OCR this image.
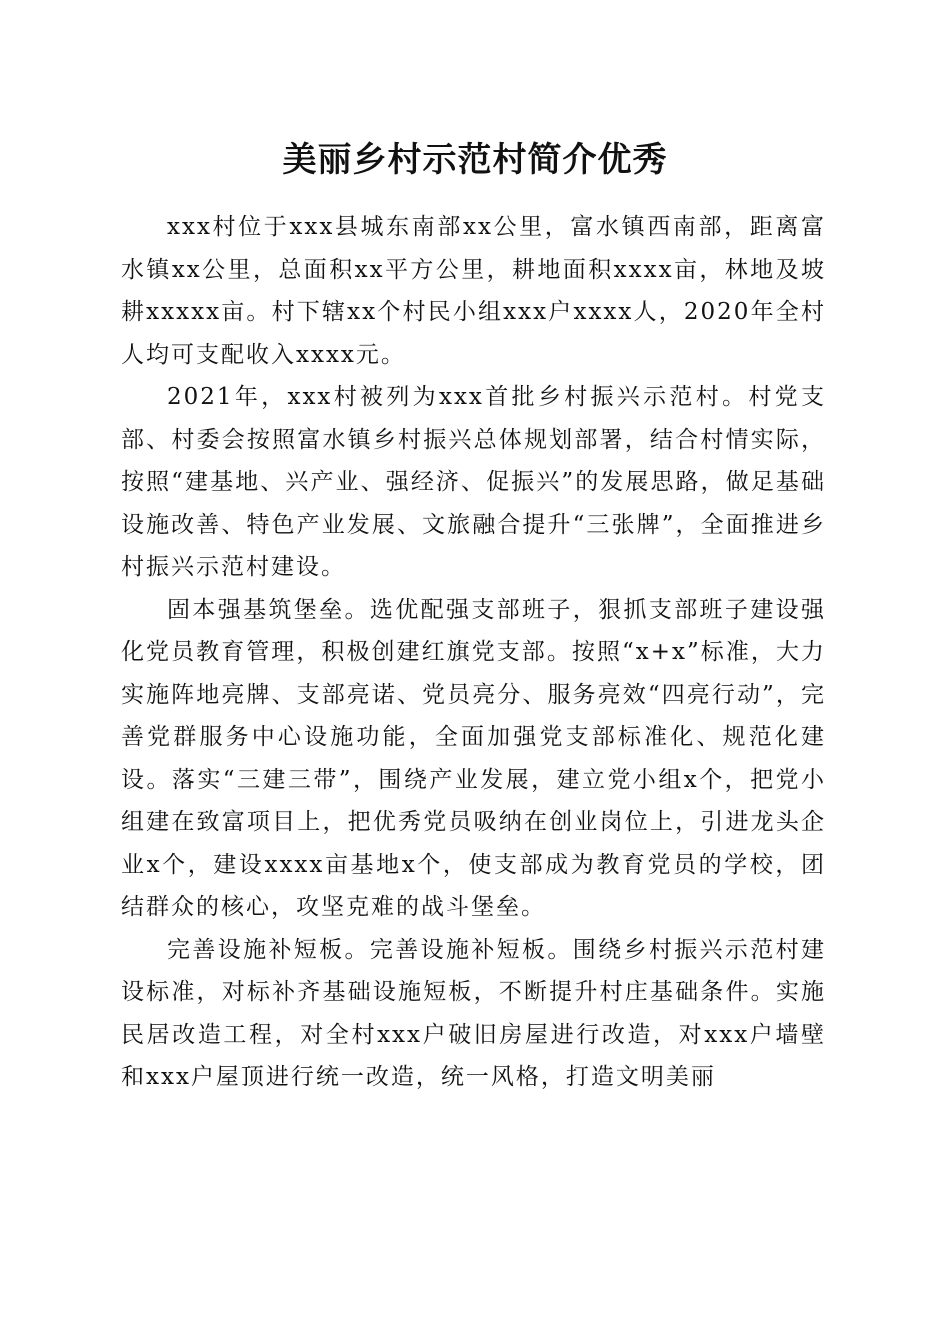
美丽乡村示范村简介优秀

xxx村位于xxx县城东南部xx公里，富水镇西南部，距离富水镇xx公里，总面积xx平方公里，耕地面积xxxx亩，林地及坡耕xxxxx亩。村下辖xx个村民小组xxx户xxxx人，2020年全村人均可支配收入xxxx元。

2021年，xxx村被列为xxx首批乡村振兴示范村。村党支部、村委会按照富水镇乡村振兴总体规划部署，结合村情实际，按照“建基地、兴产业、强经济、促振兴”的发展思路，做足基础设施改善、特色产业发展、文旅融合提升“三张牌”，全面推进乡村振兴示范村建设。

固本强基筑堡垒。选优配强支部班子，狠抓支部班子建设强化党员教育管理，积极创建红旗党支部。按照“x+x”标准，大力实施阵地亮牌、支部亮诺、党员亮分、服务亮效“四亮行动”，完善党群服务中心设施功能，全面加强党支部标准化、规范化建设。落实“三建三带”，围绕产业发展，建立党小组x个，把党小组建在致富项目上，把优秀党员吸纳在创业岗位上，引进龙头企业x个，建设xxxx亩基地x个，使支部成为教育党员的学校，团结群众的核心，攻坚克难的战斗堡垒。

完善设施补短板。完善设施补短板。围绕乡村振兴示范村建设标准，对标补齐基础设施短板，不断提升村庄基础条件。实施民居改造工程，对全村xxx户破旧房屋进行改造，对xxx户墙壁和xxx户屋顶进行统一改造，统一风格，打造文明美丽
